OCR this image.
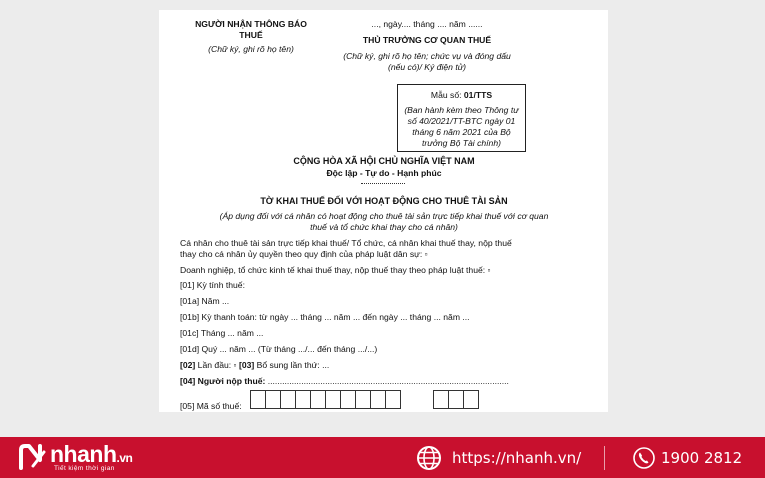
NGƯỜI NHẬN THÔNG BÁO
THUẾ
(Chữ ký, ghi rõ họ tên)
..., ngày.... tháng .... năm ......
THỦ TRƯỞNG CƠ QUAN THUẾ
(Chữ ký, ghi rõ họ tên; chức vụ và đóng dấu
(nếu có)/ Ký điện tử)
Mẫu số: 01/TTS
(Ban hành kèm theo Thông tư
số 40/2021/TT-BTC ngày 01
tháng 6 năm 2021 của Bộ
trưởng Bộ Tài chính)
CỘNG HÒA XÃ HỘI CHỦ NGHĨA VIỆT NAM
Độc lập - Tự do - Hạnh phúc
TỜ KHAI THUẾ ĐỐI VỚI HOẠT ĐỘNG CHO THUÊ TÀI SẢN
(Áp dụng đối với cá nhân có hoạt động cho thuê tài sản trực tiếp khai thuế với cơ quan
thuế và tổ chức khai thay cho cá nhân)
Cá nhân cho thuê tài sản trực tiếp khai thuế/ Tổ chức, cá nhân khai thuế thay, nộp thuế
thay cho cá nhân ủy quyền theo quy định của pháp luật dân sự: ▫
Doanh nghiệp, tổ chức kinh tế khai thuế thay, nộp thuế thay theo pháp luật thuế: ▫
[01] Kỳ tính thuế:
[01a] Năm ...
[01b] Kỳ thanh toán: từ ngày ... tháng ... năm ... đến ngày ... tháng ... năm ...
[01c] Tháng ... năm ...
[01d] Quý ... năm ... (Từ tháng .../... đến tháng .../...)
[02] Lần đầu: ▫ [03] Bổ sung lần thứ: ...
[04] Người nộp thuế: .....................................................................................................
[05] Mã số thuế:
nhanh.vn
Tiết kiệm thời gian
https://nhanh.vn/	1900 2812
